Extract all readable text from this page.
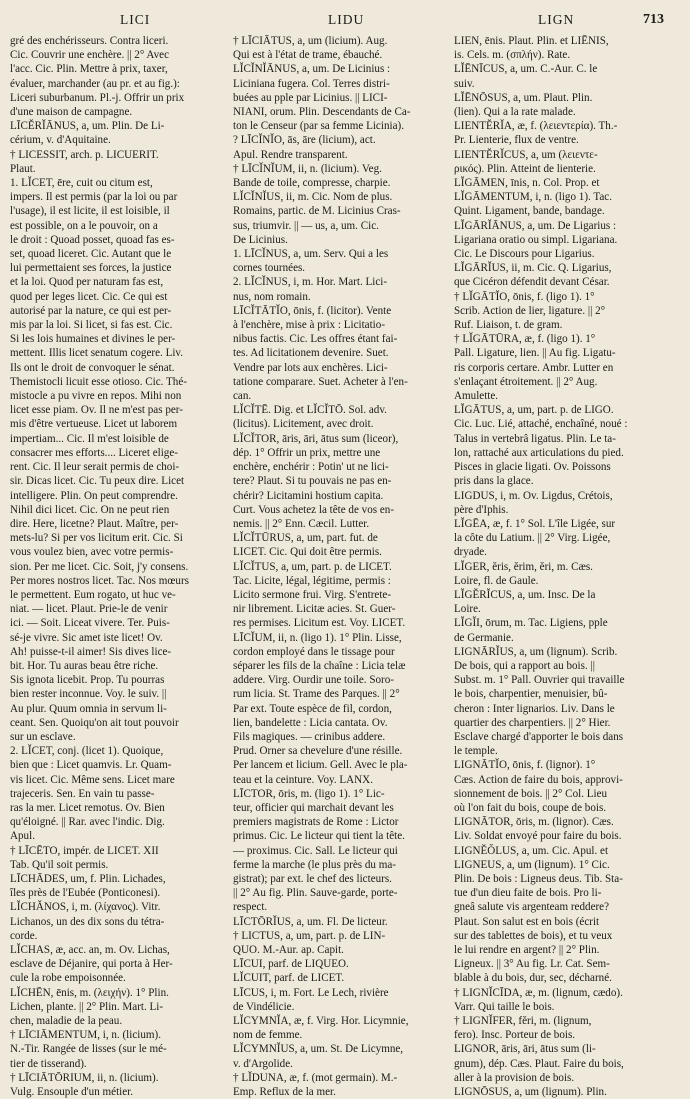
LICI	LIDU	LIGN	713
gré des enchérisseurs. Contra liceri.
Cic. Couvrir une enchère. || 2° Avec
l'acc. Cic. Plin. Mettre à prix, taxer,
évaluer, marchander (au pr. et au fig.):
Liceri suburbanum. Pl.-j. Offrir un prix
d'une maison de campagne.
LĪCĔRĬĀNUS, a, um. Plin. De Li-
cérium, v. d'Aquitaine.
† LICESSIT, arch. p. LICUERIT.
Plaut.
1. LĬCET, ēre, cuit ou citum est,
impers. Il est permis (par la loi ou par
l'usage), il est licite, il est loisible, il
est possible, on a le pouvoir, on a
le droit : Quoad posset, quoad fas es-
set, quoad liceret. Cic. Autant que le
lui permettaient ses forces, la justice
et la loi. Quod per naturam fas est,
quod per leges licet. Cic. Ce qui est
autorisé par la nature, ce qui est per-
mis par la loi. Si licet, si fas est. Cic.
Si les lois humaines et divines le per-
mettent. Illis licet senatum cogere. Liv.
Ils ont le droit de convoquer le sénat.
Themistocli licuit esse otioso. Cic. Thé-
mistocle a pu vivre en repos. Mihi non
licet esse piam. Ov. Il ne m'est pas per-
mis d'être vertueuse. Licet ut laborem
impertiam... Cic. Il m'est loisible de
consacrer mes efforts.... Liceret elige-
rent. Cic. Il leur serait permis de choi-
sir. Dicas licet. Cic. Tu peux dire. Licet
intelligere. Plin. On peut comprendre.
Nihil dici licet. Cic. On ne peut rien
dire. Here, licetne? Plaut. Maître, per-
mets-lu? Si per vos licitum erit. Cic. Si
vous voulez bien, avec votre permis-
sion. Per me licet. Cic. Soit, j'y consens.
Per mores nostros licet. Tac. Nos mœurs
le permettent. Eum rogato, ut huc ve-
niat. — licet. Plaut. Prie-le de venir
ici. — Soit. Liceat vivere. Ter. Puis-
sé-je vivre. Sic amet iste licet! Ov.
Ah! puisse-t-il aimer! Sis dives lice-
bit. Hor. Tu auras beau être riche.
Sis ignota licebit. Prop. Tu pourras
bien rester inconnue. Voy. le suiv. ||
Au plur. Quum omnia in servum li-
ceant. Sen. Quoiqu'on ait tout pouvoir
sur un esclave.
2. LĬCET, conj. (licet 1). Quoique,
bien que : Licet quamvis. Lr. Quam-
vis licet. Cic. Même sens. Licet mare
trajeceris. Sen. En vain tu passe-
ras la mer. Licet remotus. Ov. Bien
qu'éloigné. || Rar. avec l'indic. Dig.
Apul.
† LĪCĒTO, impér. de LICET. XII
Tab. Qu'il soit permis.
LĪCHĀDES, um, f. Plin. Lichades,
îles près de l'Eubée (Ponticonesi).
LĬCHĂNOS, i, m. (λίχανος). Vitr.
Lichanos, un des dix sons du tétra-
corde.
LĬCHAS, æ, acc. an, m. Ov. Lichas,
esclave de Déjanire, qui porta à Her-
cule la robe empoisonnée.
LĬCHĒN, ēnis, m. (λειχήν). 1° Plin.
Lichen, plante. || 2° Plin. Mart. Li-
chen, maladie de la peau.
† LĪCIĀMENTUM, i, n. (licium).
N.-Tir. Rangée de lisses (sur le mé-
tier de tisserand).
† LĪCIĀTŌRIUM, ii, n. (licium).
Vulg. Ensouple d'un métier.
† LĪCIĀTUS, a, um (licium). Aug.
Qui est à l'état de trame, ébauché.
LĬCĬNĬĀNUS, a, um. De Licinius :
Liciniana fugera. Col. Terres distri-
buées au pple par Licinius. || LICI-
NIANI, orum. Plin. Descendants de Ca-
ton le Censeur (par sa femme Licinia).
? LĪCĬNĬO, ās, āre (licium), act.
Apul. Rendre transparent.
† LĪCĬNĬUM, ii, n. (licium). Veg.
Bande de toile, compresse, charpie.
LĬCĬNĬUS, ii, m. Cic. Nom de plus.
Romains, partic. de M. Licinius Cras-
sus, triumvir. || — us, a, um. Cic.
De Licinius.
1. LĪCĬNUS, a, um. Serv. Qui a les
cornes tournées.
2. LĬCĬNUS, i, m. Hor. Mart. Lici-
nus, nom romain.
LĪCĬTĀTĬO, ōnis, f. (licitor). Vente
à l'enchère, mise à prix : Licitatio-
nibus factis. Cic. Les offres étant fai-
tes. Ad licitationem devenire. Suet.
Vendre par lots aux enchères. Lici-
tatione comparare. Suet. Acheter à l'en-
can.
LĬCĬTĒ. Dig. et LĬCĬTŌ. Sol. adv.
(licitus). Licitement, avec droit.
LĬCĬTOR, āris, āri, ātus sum (liceor),
dép. 1° Offrir un prix, mettre une
enchère, enchérir : Potin' ut ne lici-
tere? Plaut. Si tu pouvais ne pas en-
chérir? Licitamini hostium capita.
Curt. Vous achetez la tête de vos en-
nemis. || 2° Enn. Cæcil. Lutter.
LĬCĬTŪRUS, a, um, part. fut. de
LICET. Cic. Qui doit être permis.
LĬCĬTUS, a, um, part. p. de LICET.
Tac. Licite, légal, légitime, permis :
Licito sermone frui. Virg. S'entrete-
nir librement. Licitæ acies. St. Guer-
res permises. Licitum est. Voy. LICET.
LĪCĬUM, ii, n. (ligo 1). 1° Plin. Lisse,
cordon employé dans le tissage pour
séparer les fils de la chaîne : Licia telæ
addere. Virg. Ourdir une toile. Soro-
rum licia. St. Trame des Parques. || 2°
Par ext. Toute espèce de fil, cordon,
lien, bandelette : Licia cantata. Ov.
Fils magiques. — crinibus addere.
Prud. Orner sa chevelure d'une résille.
Per lancem et licium. Gell. Avec le pla-
teau et la ceinture. Voy. LANX.
LĪCTOR, ōris, m. (ligo 1). 1° Lic-
teur, officier qui marchait devant les
premiers magistrats de Rome : Lictor
primus. Cic. Le licteur qui tient la tête.
— proximus. Cic. Sall. Le licteur qui
ferme la marche (le plus près du ma-
gistrat); par ext. le chef des licteurs.
|| 2° Au fig. Plin. Sauve-garde, porte-
respect.
LĪCTŌRĬUS, a, um. Fl. De licteur.
† LICTUS, a, um, part. p. de LIN-
QUO. M.-Aur. ap. Capit.
LĪCUI, parf. de LIQUEO.
LĬCUIT, parf. de LICET.
LĪCUS, i, m. Fort. Le Lech, rivière
de Vindélicie.
LĬCYMNĬA, æ, f. Virg. Hor. Licymnie,
nom de femme.
LĬCYMNĬUS, a, um. St. De Licymne,
v. d'Argolide.
† LĬDUNA, æ, f. (mot germain). M.-
Emp. Reflux de la mer.
LIEN, ēnis. Plaut. Plin. et LIĒNIS,
is. Cels. m. (σπλήν). Rate.
LĬĒNĪCUS, a, um. C.-Aur. C. le
suiv.
LĬĒNŌSUS, a, um. Plaut. Plin.
(lien). Qui a la rate malade.
LIENTĔRĬA, æ, f. (λειεντερία). Th.-
Pr. Lienterie, flux de ventre.
LIENTĔRĬCUS, a, um (λειεντε-
ρικός). Plin. Atteint de lienterie.
LĬGĀMEN, īnis, n. Col. Prop. et
LĬGĀMENTUM, i, n. (ligo 1). Tac.
Quint. Ligament, bande, bandage.
LĬGĀRĬĀNUS, a, um. De Ligarius :
Ligariana oratio ou simpl. Ligariana.
Cic. Le Discours pour Ligarius.
LĬGĀRĬUS, ii, m. Cic. Q. Ligarius,
que Cicéron défendit devant César.
† LĬGĀTĬO, ōnis, f. (ligo 1). 1°
Scrib. Action de lier, ligature. || 2°
Ruf. Liaison, t. de gram.
† LĬGĀTŪRA, æ, f. (ligo 1). 1°
Pall. Ligature, lien. || Au fig. Ligatu-
ris corporis certare. Ambr. Lutter en
s'enlaçant étroitement. || 2° Aug.
Amulette.
LĬGĀTUS, a, um, part. p. de LIGO.
Cic. Luc. Lié, attaché, enchaîné, noué :
Talus in vertebrâ ligatus. Plin. Le ta-
lon, rattaché aux articulations du pied.
Pisces in glacie ligati. Ov. Poissons
pris dans la glace.
LIGDUS, i, m. Ov. Ligdus, Crétois,
père d'Iphis.
LĬGĒA, æ, f. 1° Sol. L'île Ligée, sur
la côte du Latium. || 2° Virg. Ligée,
dryade.
LĬGER, ĕris, ĕrim, ĕri, m. Cæs.
Loire, fl. de Gaule.
LĬGĔRĬCUS, a, um. Insc. De la
Loire.
LĬGĬI, ōrum, m. Tac. Ligiens, pple
de Germanie.
LIGNĀRĬUS, a, um (lignum). Scrib.
De bois, qui a rapport au bois. ||
Subst. m. 1° Pall. Ouvrier qui travaille
le bois, charpentier, menuisier, bû-
cheron : Inter lignarios. Liv. Dans le
quartier des charpentiers. || 2° Hier.
Esclave chargé d'apporter le bois dans
le temple.
LIGNĀTĬO, ōnis, f. (lignor). 1°
Cæs. Action de faire du bois, approvi-
sionnement de bois. || 2° Col. Lieu
où l'on fait du bois, coupe de bois.
LIGNĀTOR, ōris, m. (lignor). Cæs.
Liv. Soldat envoyé pour faire du bois.
LIGNĔŎLUS, a, um. Cic. Apul. et
LIGNEUS, a, um (lignum). 1° Cic.
Plin. De bois : Ligneus deus. Tib. Sta-
tue d'un dieu faite de bois. Pro li-
gneâ salute vis argenteam reddere?
Plaut. Son salut est en bois (écrit
sur des tablettes de bois), et tu veux
le lui rendre en argent? || 2° Plin.
Ligneux. || 3° Au fig. Lr. Cat. Sem-
blable à du bois, dur, sec, décharné.
† LIGNĬCĪDA, æ, m. (lignum, cædo).
Varr. Qui taille le bois.
† LIGNĬFER, fĕri, m. (lignum,
fero). Insc. Porteur de bois.
LIGNOR, āris, āri, ātus sum (li-
gnum), dép. Cæs. Plaut. Faire du bois,
aller à la provision de bois.
LIGNŌSUS, a, um (lignum). Plin.
